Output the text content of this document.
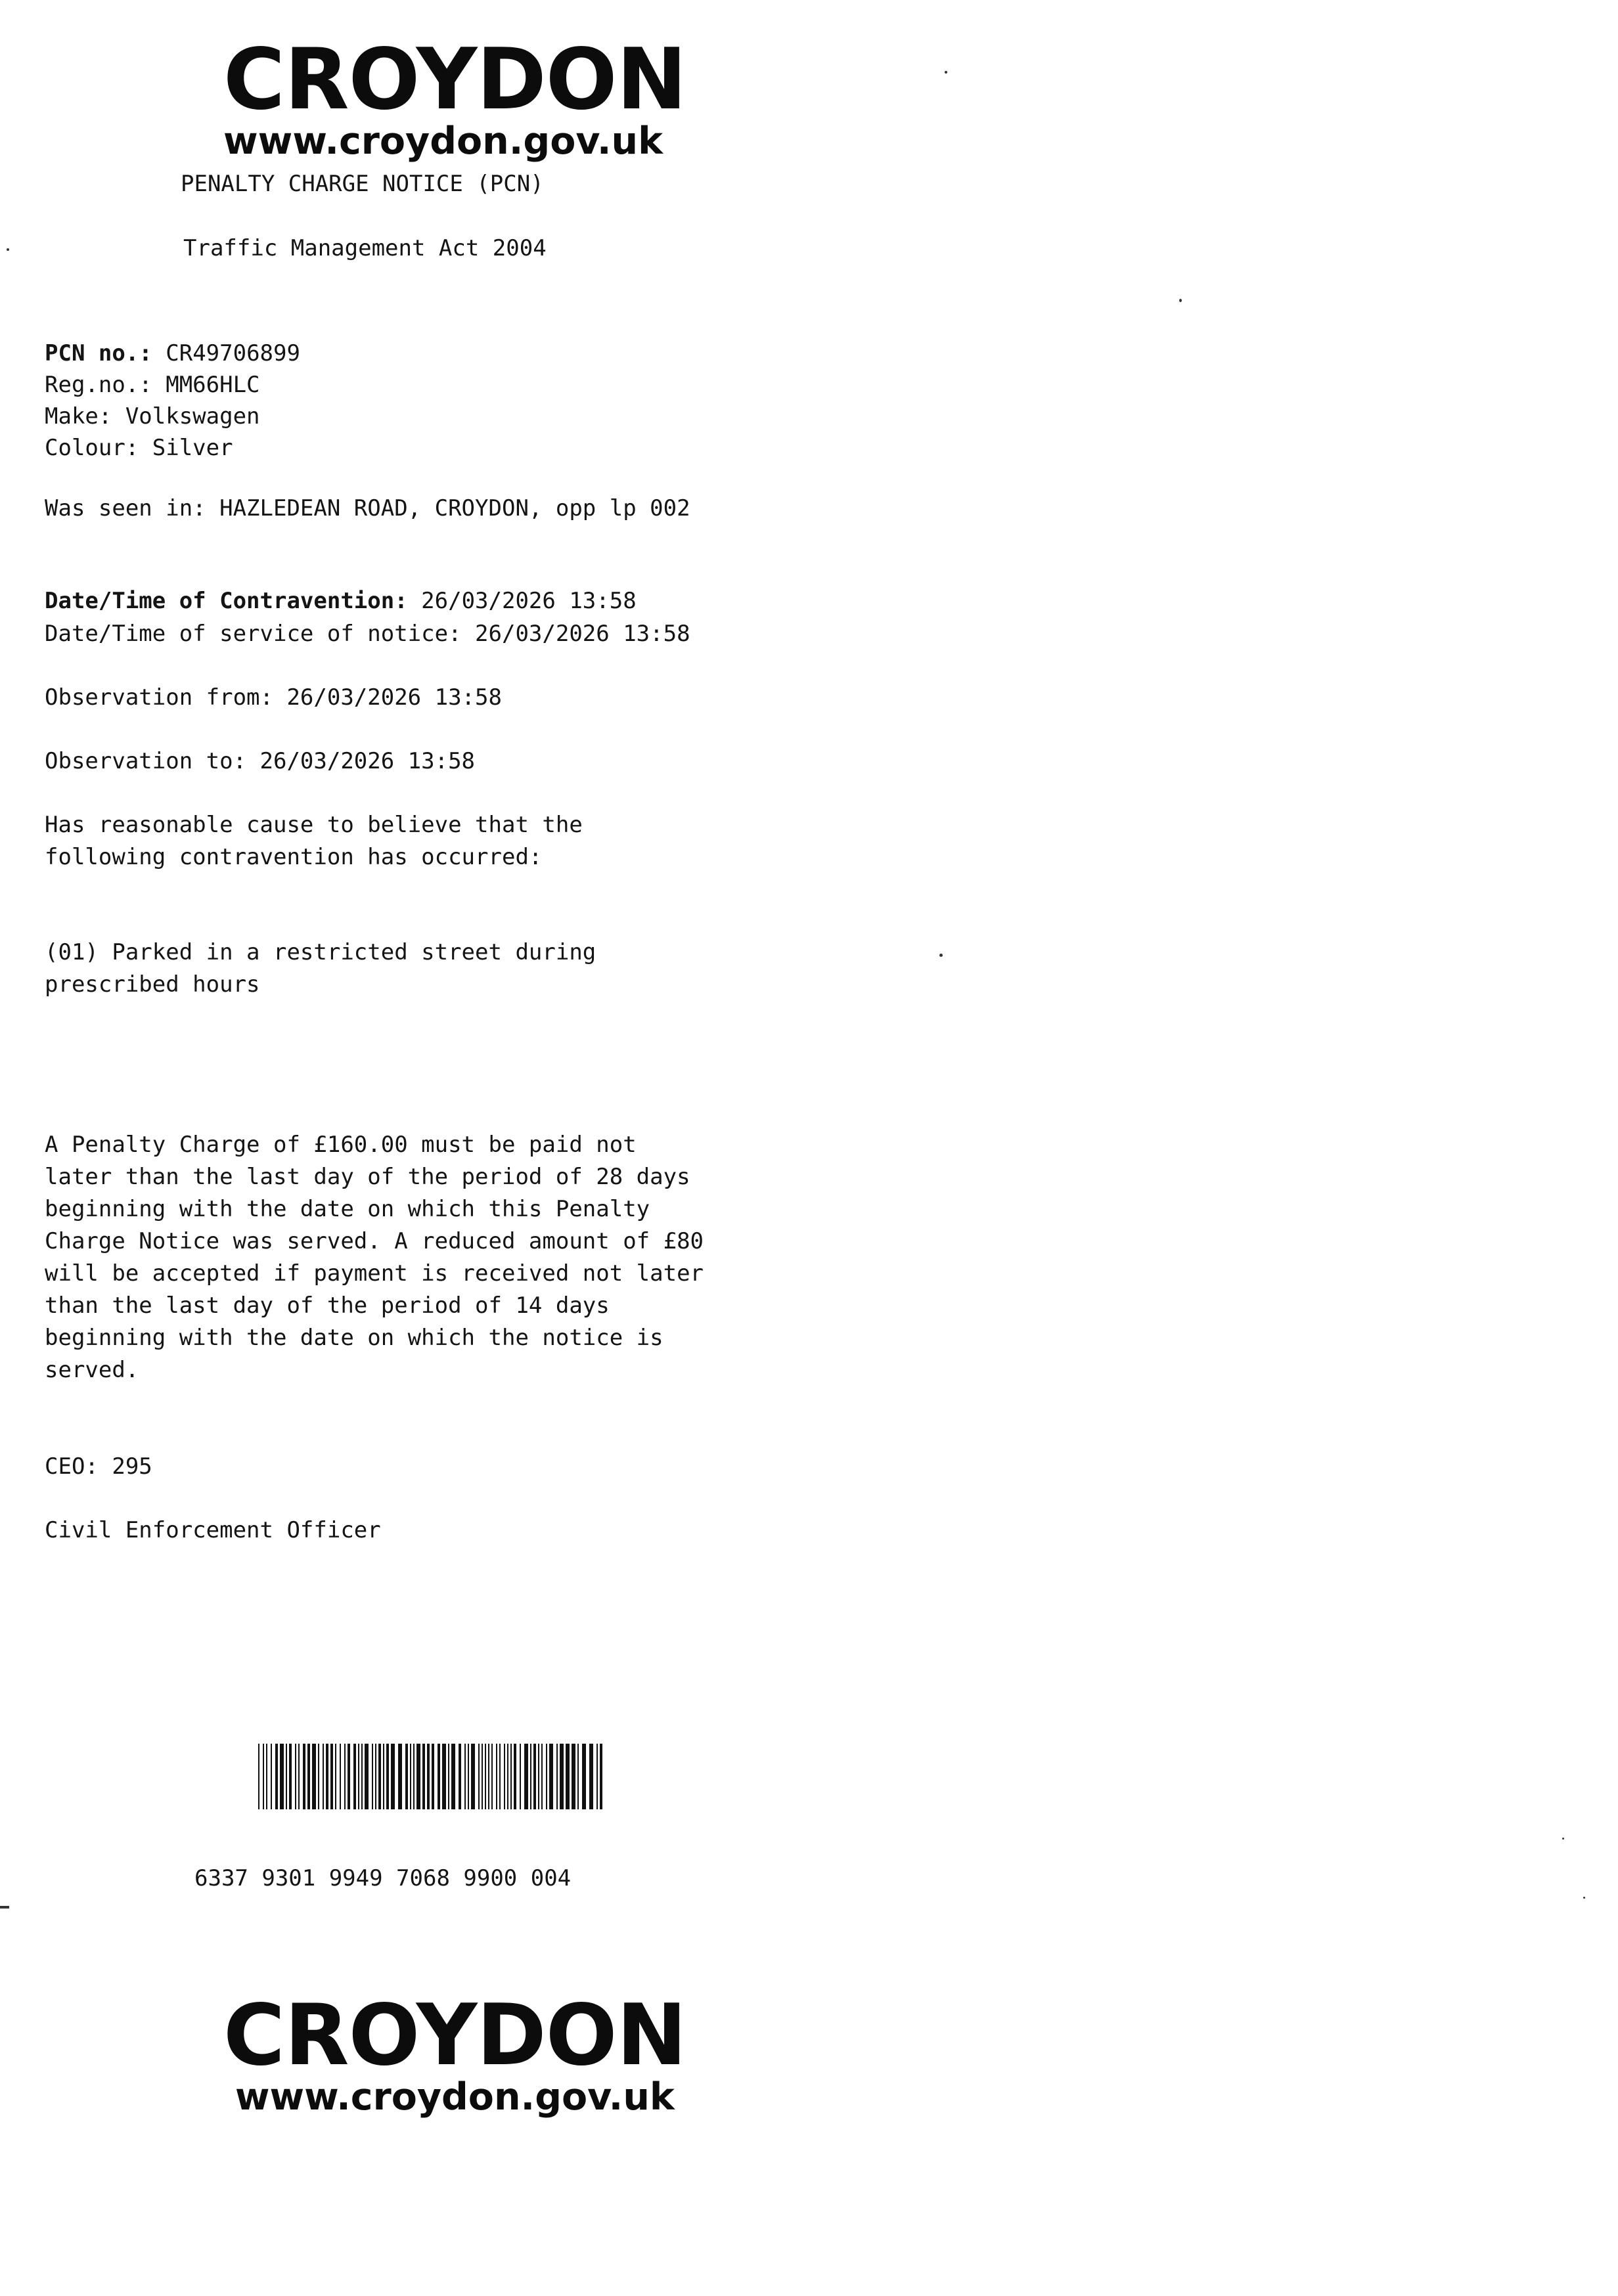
CROYDON
www.croydon.gov.uk
PENALTY CHARGE NOTICE (PCN)
Traffic Management Act 2004
PCN no.: CR49706899
Reg.no.: MM66HLC
Make: Volkswagen
Colour: Silver
Was seen in: HAZLEDEAN ROAD, CROYDON, opp lp 002
Date/Time of Contravention: 26/03/2026 13:58
Date/Time of service of notice: 26/03/2026 13:58
Observation from: 26/03/2026 13:58
Observation to: 26/03/2026 13:58
Has reasonable cause to believe that the
following contravention has occurred:
(01) Parked in a restricted street during
prescribed hours
A Penalty Charge of £160.00 must be paid not
later than the last day of the period of 28 days
beginning with the date on which this Penalty
Charge Notice was served. A reduced amount of £80
will be accepted if payment is received not later
than the last day of the period of 14 days
beginning with the date on which the notice is
served.
CEO: 295
Civil Enforcement Officer
6337 9301 9949 7068 9900 004
CROYDON
www.croydon.gov.uk
